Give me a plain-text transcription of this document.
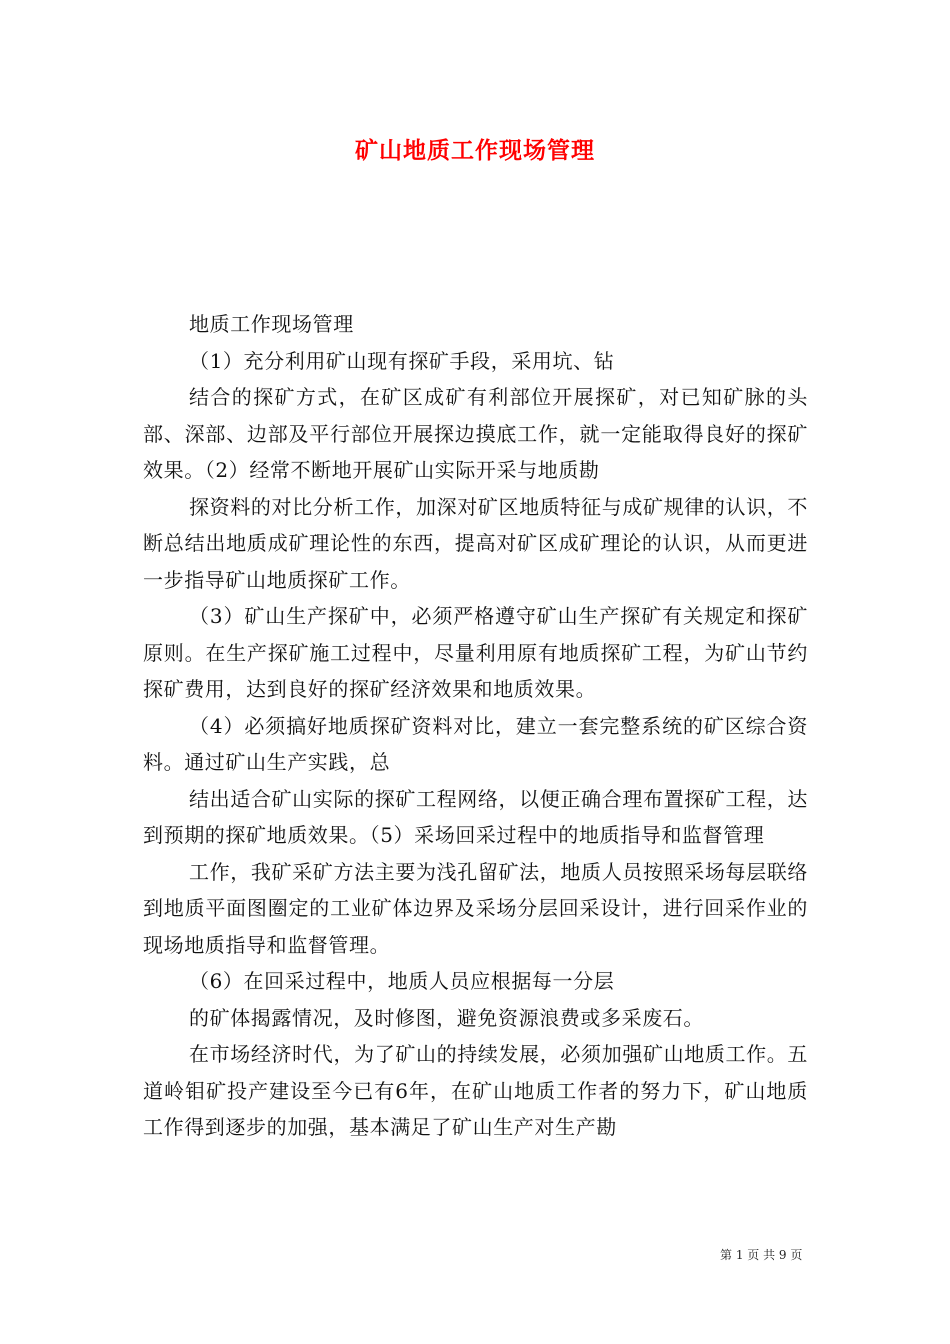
矿山地质工作现场管理

地质工作现场管理

（1）充分利用矿山现有探矿手段，采用坑、钻

结合的探矿方式，在矿区成矿有利部位开展探矿，对已知矿脉的头部、深部、边部及平行部位开展探边摸底工作，就一定能取得良好的探矿效果。（2）经常不断地开展矿山实际开采与地质勘

探资料的对比分析工作，加深对矿区地质特征与成矿规律的认识，不断总结出地质成矿理论性的东西，提高对矿区成矿理论的认识，从而更进一步指导矿山地质探矿工作。

（3）矿山生产探矿中，必须严格遵守矿山生产探矿有关规定和探矿原则。在生产探矿施工过程中，尽量利用原有地质探矿工程，为矿山节约探矿费用，达到良好的探矿经济效果和地质效果。

（4）必须搞好地质探矿资料对比，建立一套完整系统的矿区综合资料。通过矿山生产实践，总

结出适合矿山实际的探矿工程网络，以便正确合理布置探矿工程，达到预期的探矿地质效果。（5）采场回采过程中的地质指导和监督管理

工作，我矿采矿方法主要为浅孔留矿法，地质人员按照采场每层联络到地质平面图圈定的工业矿体边界及采场分层回采设计，进行回采作业的现场地质指导和监督管理。

（6）在回采过程中，地质人员应根据每一分层

的矿体揭露情况，及时修图，避免资源浪费或多采废石。

在市场经济时代，为了矿山的持续发展，必须加强矿山地质工作。五道岭钼矿投产建设至今已有6年，在矿山地质工作者的努力下，矿山地质工作得到逐步的加强，基本满足了矿山生产对生产勘

第 1 页 共 9 页
